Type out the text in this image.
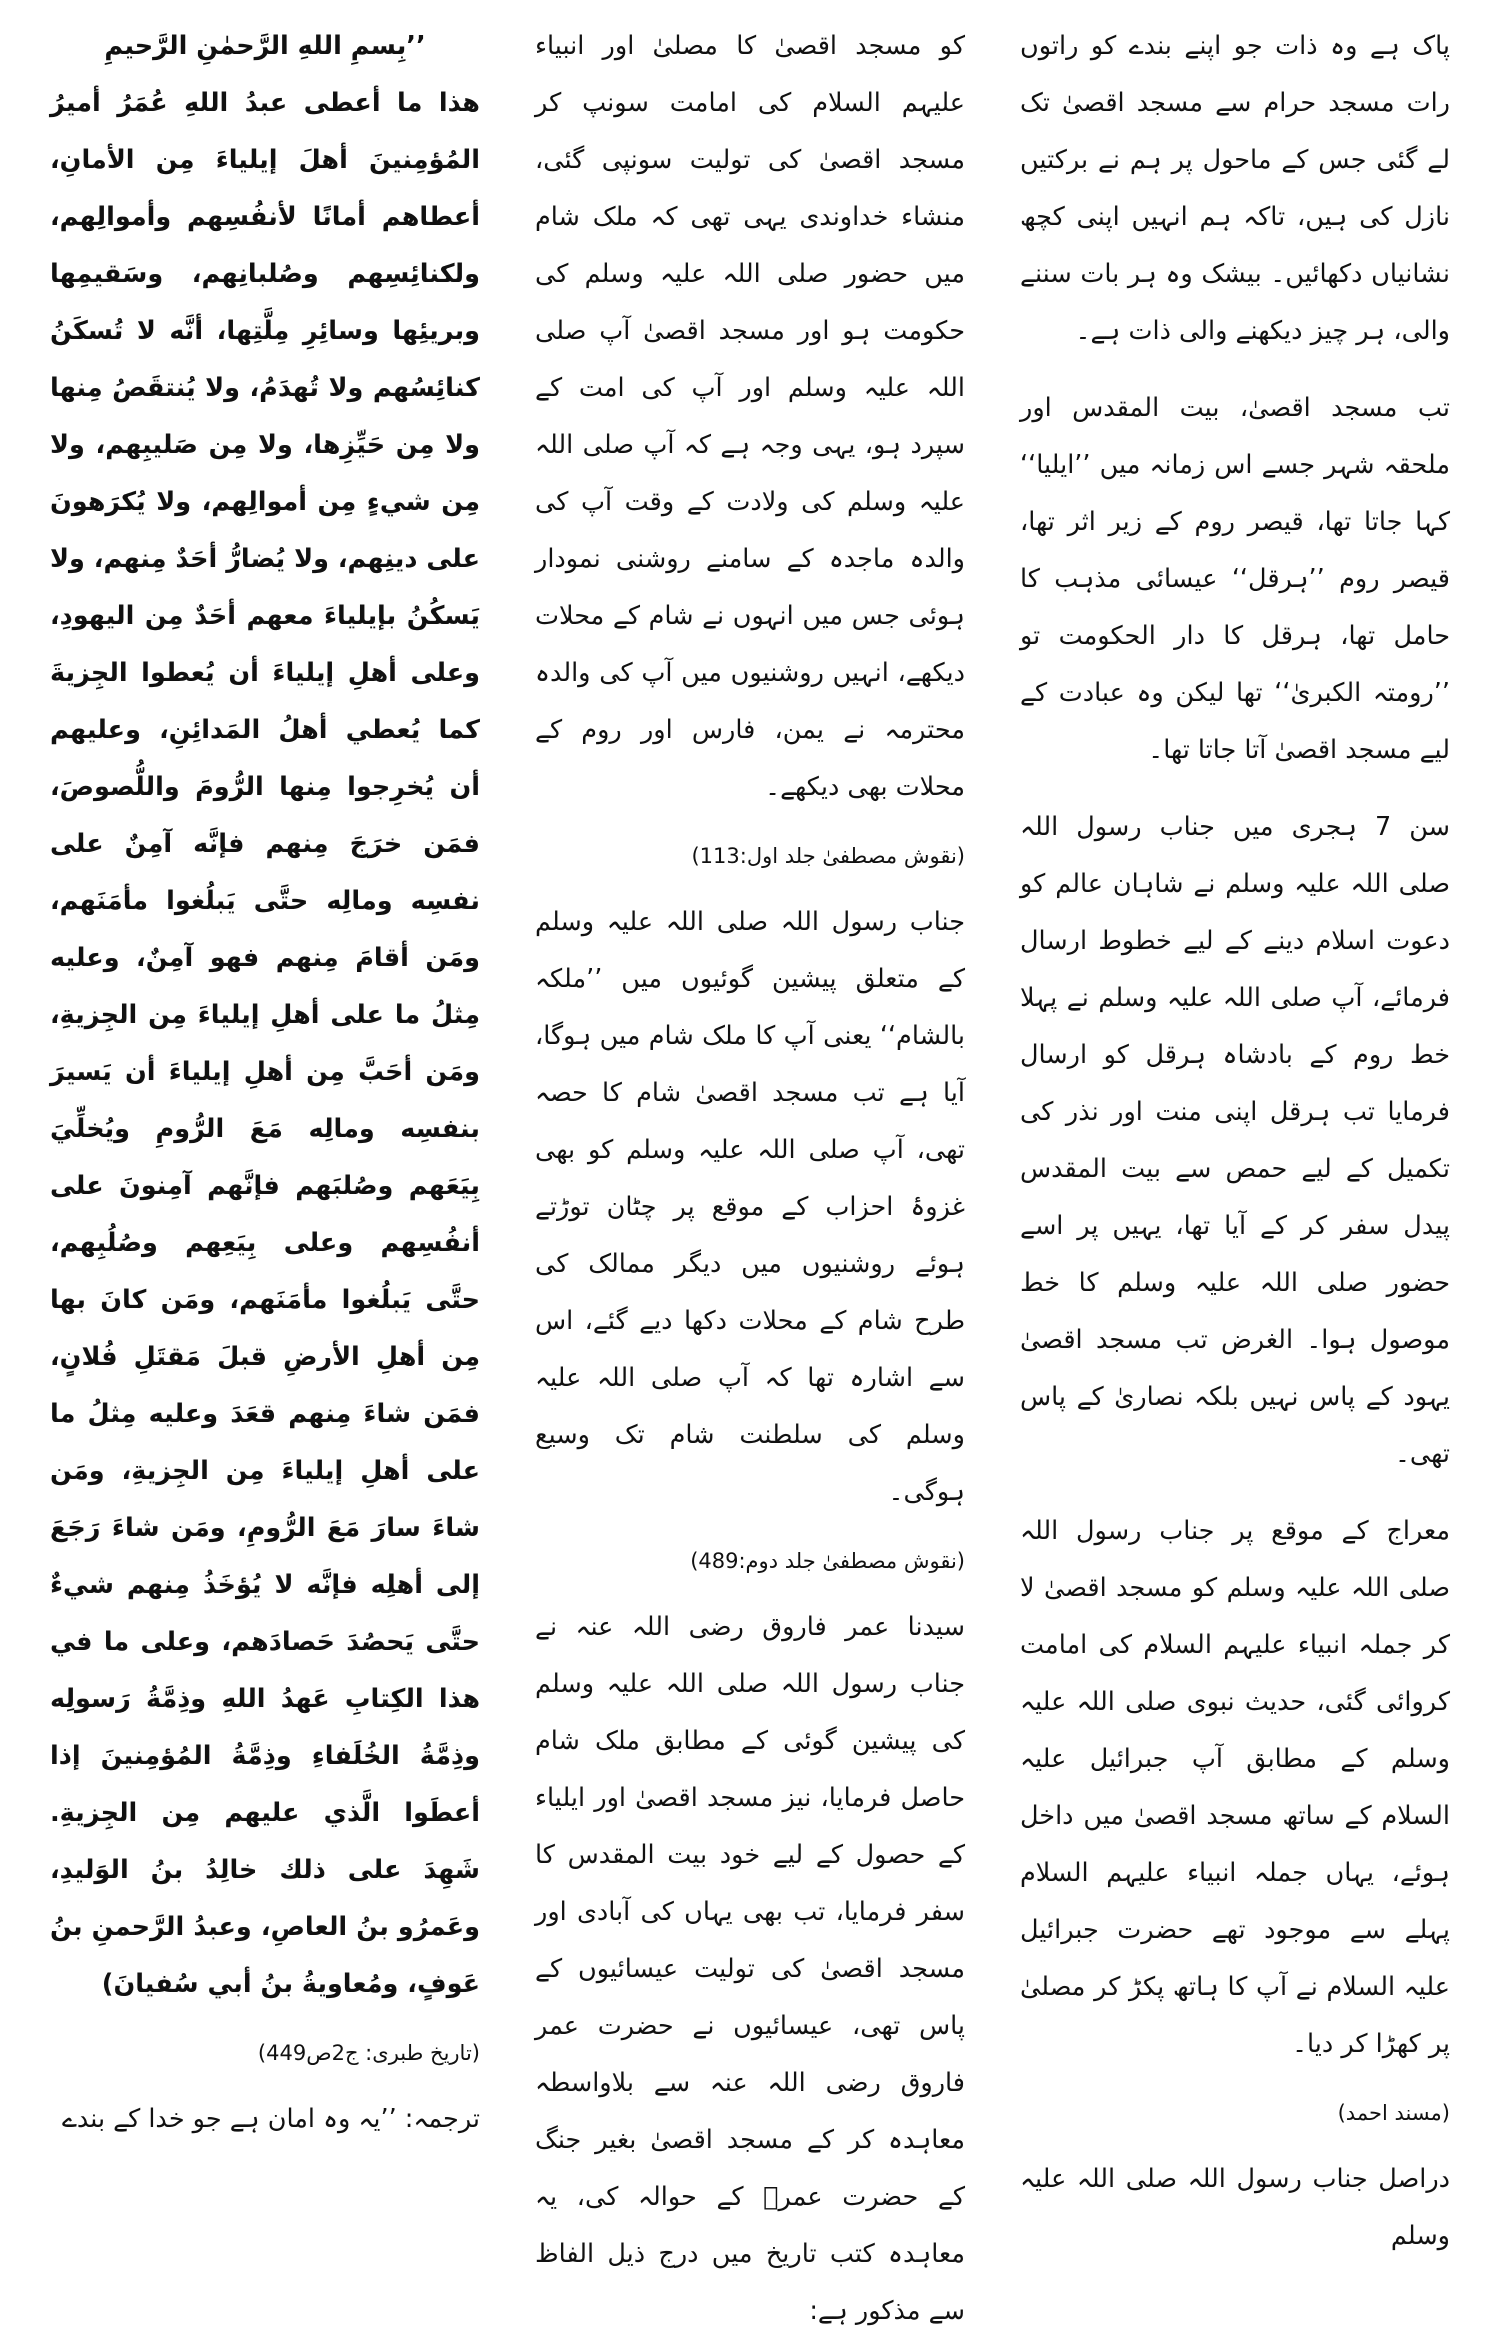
پاک ہے وہ ذات جو اپنے بندے کو راتوں رات مسجد حرام سے مسجد اقصیٰ تک لے گئی جس کے ماحول پر ہم نے برکتیں نازل کی ہیں، تاکہ ہم انہیں اپنی کچھ نشانیاں دکھائیں۔ بیشک وہ ہر بات سننے والی، ہر چیز دیکھنے والی ذات ہے۔

تب مسجد اقصیٰ، بیت المقدس اور ملحقہ شہر جسے اس زمانہ میں ’’ایلیا‘‘ کہا جاتا تھا، قیصر روم کے زیر اثر تھا، قیصر روم ’’ہرقل‘‘ عیسائی مذہب کا حامل تھا، ہرقل کا دار الحکومت تو ’’رومتہ الکبریٰ‘‘ تھا لیکن وہ عبادت کے لیے مسجد اقصیٰ آتا جاتا تھا۔

سن 7 ہجری میں جناب رسول اللہ صلی اللہ علیہ وسلم نے شاہان عالم کو دعوت اسلام دینے کے لیے خطوط ارسال فرمائے، آپ صلی اللہ علیہ وسلم نے پہلا خط روم کے بادشاہ ہرقل کو ارسال فرمایا تب ہرقل اپنی منت اور نذر کی تکمیل کے لیے حمص سے بیت المقدس پیدل سفر کر کے آیا تھا، یہیں پر اسے حضور صلی اللہ علیہ وسلم کا خط موصول ہوا۔ الغرض تب مسجد اقصیٰ یہود کے پاس نہیں بلکہ نصاریٰ کے پاس تھی۔

معراج کے موقع پر جناب رسول اللہ صلی اللہ علیہ وسلم کو مسجد اقصیٰ لا کر جملہ انبیاء علیہم السلام کی امامت کروائی گئی، حدیث نبوی صلی اللہ علیہ وسلم کے مطابق آپ جبرائیل علیہ السلام کے ساتھ مسجد اقصیٰ میں داخل ہوئے، یہاں جملہ انبیاء علیہم السلام پہلے سے موجود تھے حضرت جبرائیل علیہ السلام نے آپ کا ہاتھ پکڑ کر مصلیٰ پر کھڑا کر دیا۔

(مسند احمد)

دراصل جناب رسول اللہ صلی اللہ علیہ وسلم

کو مسجد اقصیٰ کا مصلیٰ اور انبیاء علیہم السلام کی امامت سونپ کر مسجد اقصیٰ کی تولیت سونپی گئی، منشاء خداوندی یہی تھی کہ ملک شام میں حضور صلی اللہ علیہ وسلم کی حکومت ہو اور مسجد اقصیٰ آپ صلی اللہ علیہ وسلم اور آپ کی امت کے سپرد ہو، یہی وجہ ہے کہ آپ صلی اللہ علیہ وسلم کی ولادت کے وقت آپ کی والدہ ماجدہ کے سامنے روشنی نمودار ہوئی جس میں انہوں نے شام کے محلات دیکھے، انہیں روشنیوں میں آپ کی والدہ محترمہ نے یمن، فارس اور روم کے محلات بھی دیکھے۔

(نقوش مصطفیٰ جلد اول:113)

جناب رسول اللہ صلی اللہ علیہ وسلم کے متعلق پیشین گوئیوں میں ’’ملکہ بالشام‘‘ یعنی آپ کا ملک شام میں ہوگا، آیا ہے تب مسجد اقصیٰ شام کا حصہ تھی، آپ صلی اللہ علیہ وسلم کو بھی غزوۂ احزاب کے موقع پر چٹان توڑتے ہوئے روشنیوں میں دیگر ممالک کی طرح شام کے محلات دکھا دیے گئے، اس سے اشارہ تھا کہ آپ صلی اللہ علیہ وسلم کی سلطنت شام تک وسیع ہوگی۔

(نقوش مصطفیٰ جلد دوم:489)

سیدنا عمر فاروق رضی اللہ عنہ نے جناب رسول اللہ صلی اللہ علیہ وسلم کی پیشین گوئی کے مطابق ملک شام حاصل فرمایا، نیز مسجد اقصیٰ اور ایلیاء کے حصول کے لیے خود بیت المقدس کا سفر فرمایا، تب بھی یہاں کی آبادی اور مسجد اقصیٰ کی تولیت عیسائیوں کے پاس تھی، عیسائیوں نے حضرت عمر فاروق رضی اللہ عنہ سے بلاواسطہ معاہدہ کر کے مسجد اقصیٰ بغیر جنگ کے حضرت عمرؓ کے حوالہ کی، یہ معاہدہ کتب تاریخ میں درج ذیل الفاظ سے مذکور ہے:

’’بِسمِ اللهِ الرَّحمٰنِ الرَّحيمِ

هذا ما أعطى عبدُ اللهِ عُمَرُ أميرُ المُؤمِنينَ أهلَ إيلياءَ مِن الأمانِ، أعطاهم أمانًا لأنفُسِهم وأموالِهم، ولكنائِسِهم وصُلبانِهم، وسَقيمِها وبريئِها وسائِرِ مِلَّتِها، أنَّه لا تُسكَنُ كنائِسُهم ولا تُهدَمُ، ولا يُنتقَصُ مِنها ولا مِن حَيِّزِها، ولا مِن صَليبِهم، ولا مِن شيءٍ مِن أموالِهم، ولا يُكرَهونَ على دينِهم، ولا يُضارُّ أحَدٌ مِنهم، ولا يَسكُنُ بإيلياءَ معهم أحَدٌ مِن اليهودِ، وعلى أهلِ إيلياءَ أن يُعطوا الجِزيةَ كما يُعطي أهلُ المَدائِنِ، وعليهم أن يُخرِجوا مِنها الرُّومَ واللُّصوصَ، فمَن خرَجَ مِنهم فإنَّه آمِنٌ على نفسِه ومالِه حتَّى يَبلُغوا مأمَنَهم، ومَن أقامَ مِنهم فهو آمِنٌ، وعليه مِثلُ ما على أهلِ إيلياءَ مِن الجِزيةِ، ومَن أحَبَّ مِن أهلِ إيلياءَ أن يَسيرَ بنفسِه ومالِه مَعَ الرُّومِ ويُخلِّيَ بِيَعَهم وصُلبَهم فإنَّهم آمِنونَ على أنفُسِهم وعلى بِيَعِهم وصُلُبِهم، حتَّى يَبلُغوا مأمَنَهم، ومَن كانَ بها مِن أهلِ الأرضِ قبلَ مَقتَلِ فُلانٍ، فمَن شاءَ مِنهم قعَدَ وعليه مِثلُ ما على أهلِ إيلياءَ مِن الجِزيةِ، ومَن شاءَ سارَ مَعَ الرُّومِ، ومَن شاءَ رَجَعَ إلى أهلِه فإنَّه لا يُؤخَذُ مِنهم شيءٌ حتَّى يَحصُدَ حَصادَهم، وعلى ما في هذا الكِتابِ عَهدُ اللهِ وذِمَّةُ رَسولِه وذِمَّةُ الخُلَفاءِ وذِمَّةُ المُؤمِنينَ إذا أعطَوا الَّذي عليهم مِن الجِزيةِ. شَهِدَ على ذلك خالِدُ بنُ الوَليدِ، وعَمرُو بنُ العاصِ، وعبدُ الرَّحمنِ بنُ عَوفٍ، ومُعاويةُ بنُ أبي سُفيانَ)

(تاریخ طبری: ج2ص449)

ترجمہ: ’’یہ وہ امان ہے جو خدا کے بندے
